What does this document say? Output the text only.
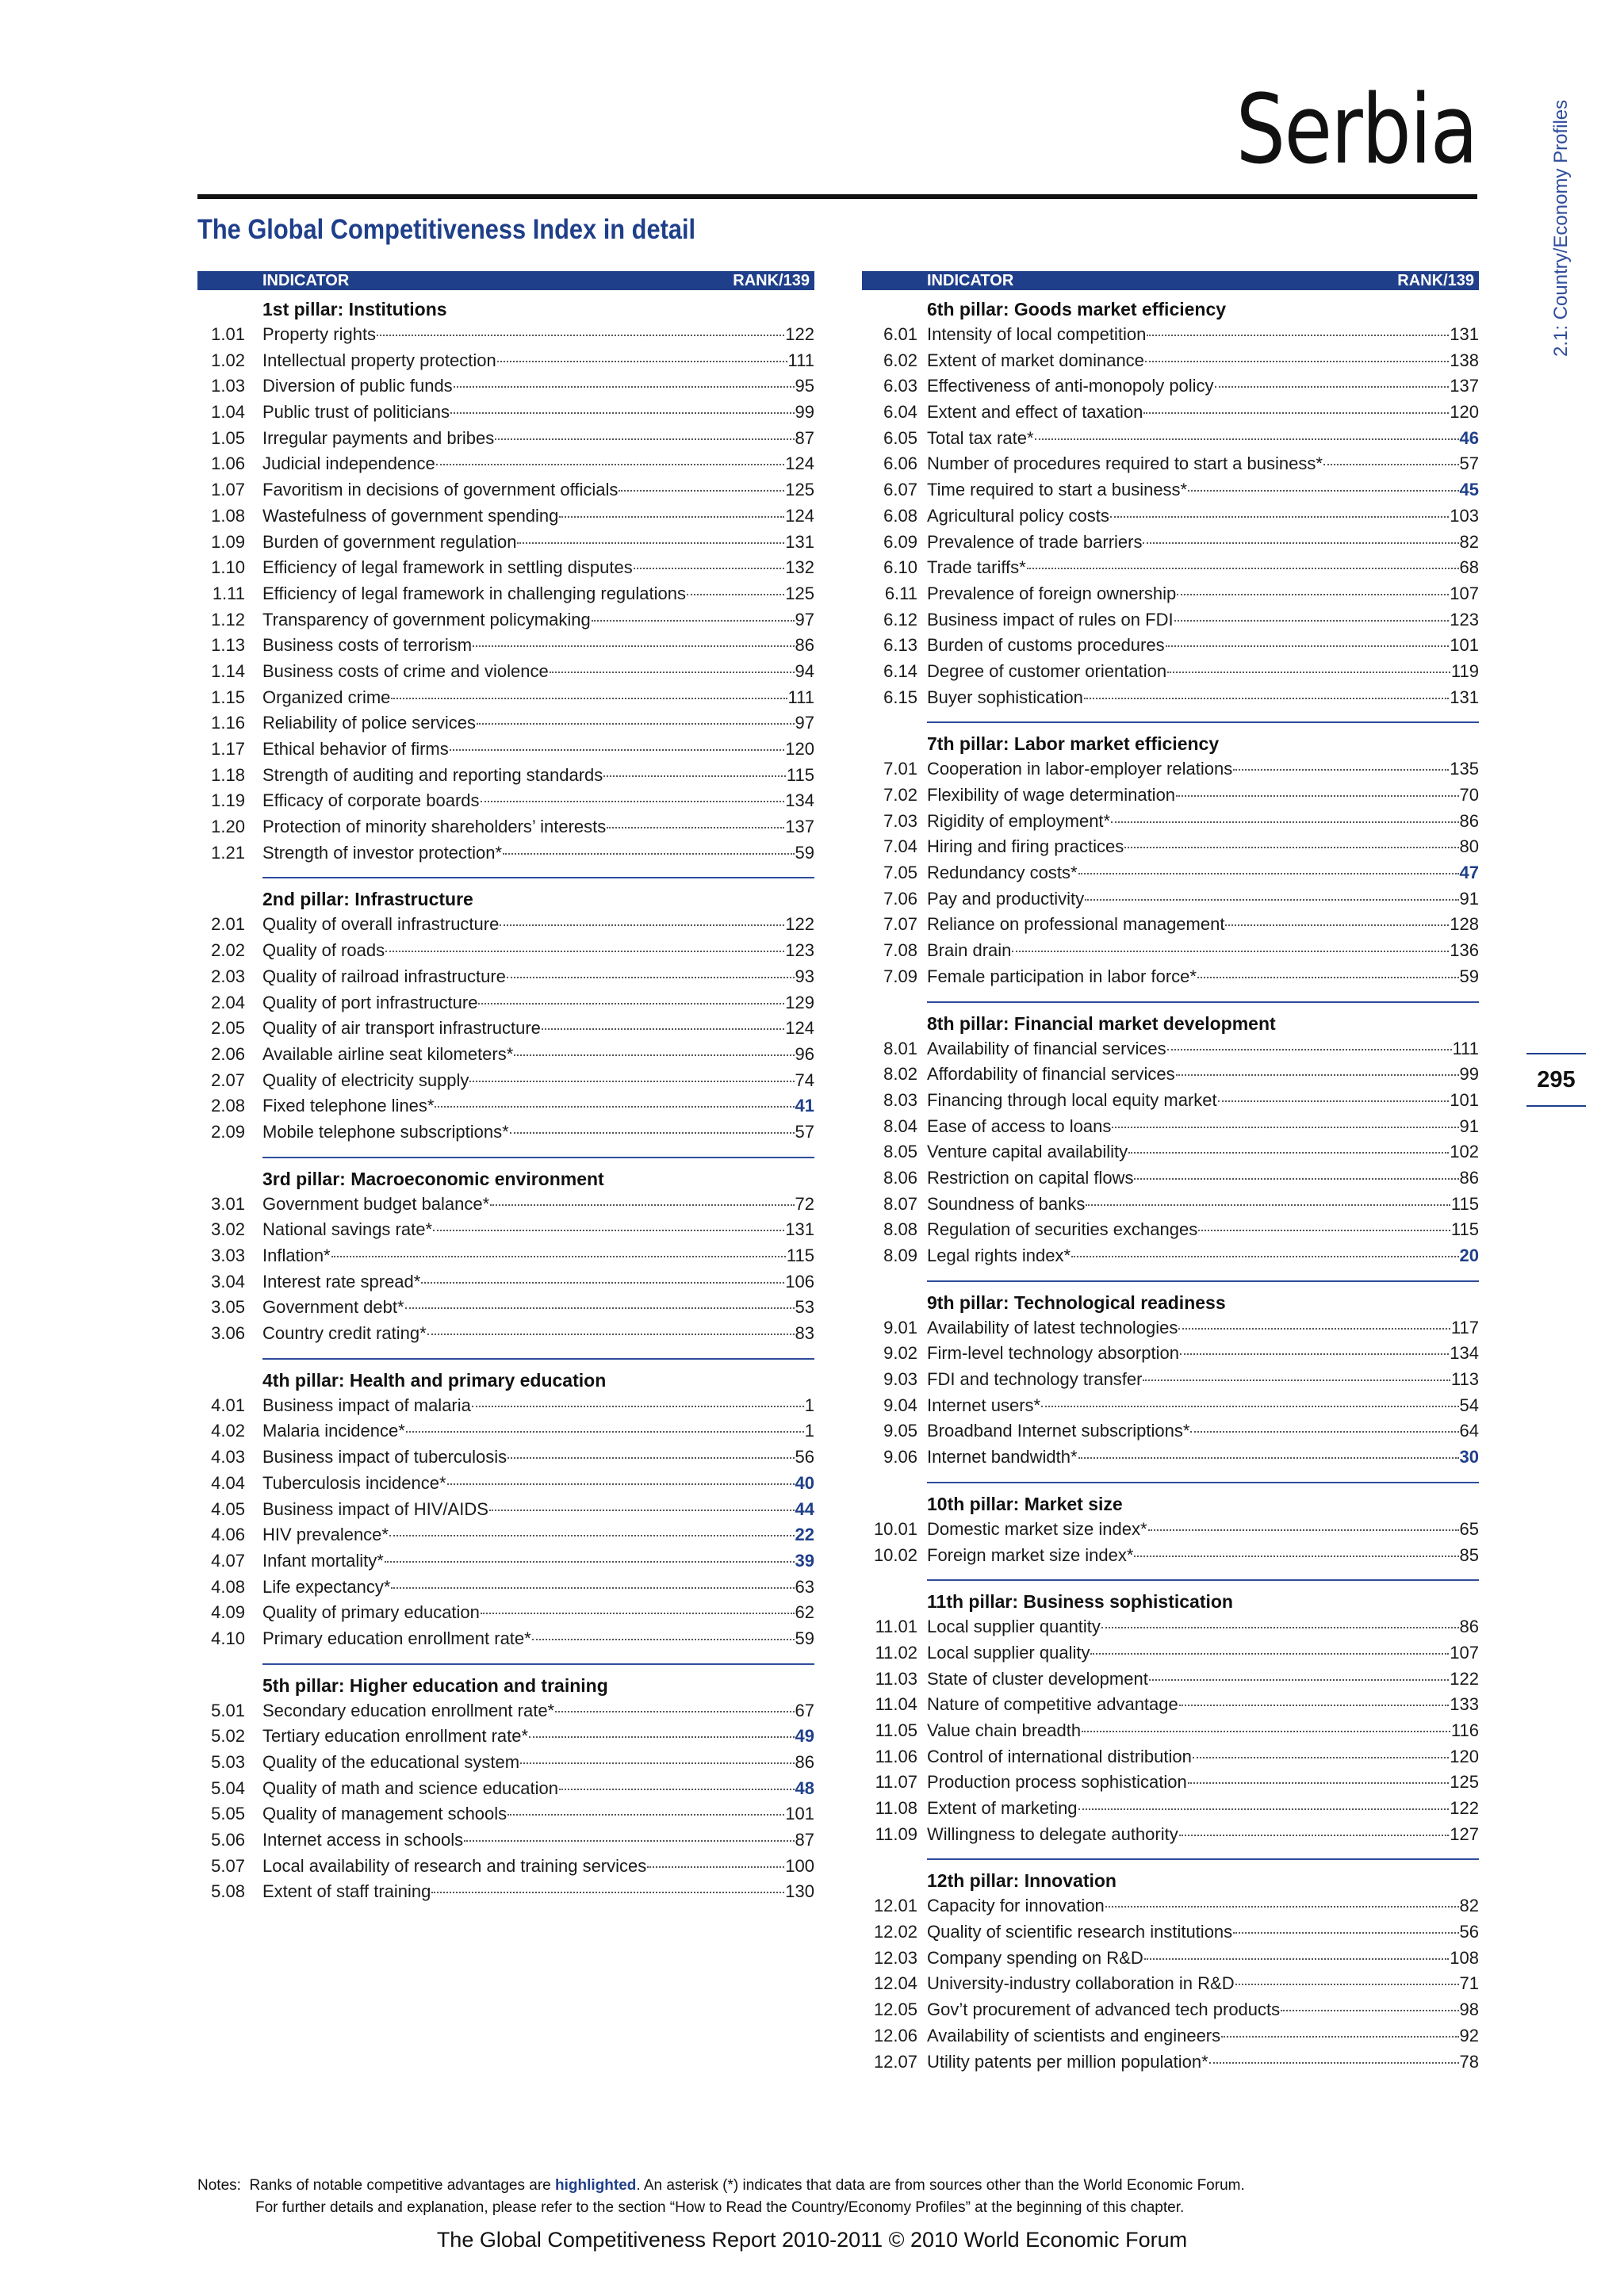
Serbia
The Global Competitiveness Index in detail	2.1: Country/Economy Profiles
295
INDICATOR	RANK/139
1st pillar: Institutions
1.01 Property rights	122
1.02 Intellectual property protection	111
1.03 Diversion of public funds	95
1.04 Public trust of politicians	99
1.05 Irregular payments and bribes	87
1.06 Judicial independence	124
1.07 Favoritism in decisions of government officials	125
1.08 Wastefulness of government spending	124
1.09 Burden of government regulation	131
1.10 Efficiency of legal framework in settling disputes	132
1.11 Efficiency of legal framework in challenging regulations	125
1.12 Transparency of government policymaking	97
1.13 Business costs of terrorism	86
1.14 Business costs of crime and violence	94
1.15 Organized crime	111
1.16 Reliability of police services	97
1.17 Ethical behavior of firms	120
1.18 Strength of auditing and reporting standards	115
1.19 Efficacy of corporate boards	134
1.20 Protection of minority shareholders’ interests	137
1.21 Strength of investor protection*	59
2nd pillar: Infrastructure
2.01 Quality of overall infrastructure	122
2.02 Quality of roads	123
2.03 Quality of railroad infrastructure	93
2.04 Quality of port infrastructure	129
2.05 Quality of air transport infrastructure	124
2.06 Available airline seat kilometers*	96
2.07 Quality of electricity supply	74
2.08 Fixed telephone lines*	41
2.09 Mobile telephone subscriptions*	57
3rd pillar: Macroeconomic environment
3.01 Government budget balance*	72
3.02 National savings rate*	131
3.03 Inflation*	115
3.04 Interest rate spread*	106
3.05 Government debt*	53
3.06 Country credit rating*	83
4th pillar: Health and primary education
4.01 Business impact of malaria	1
4.02 Malaria incidence*	1
4.03 Business impact of tuberculosis	56
4.04 Tuberculosis incidence*	40
4.05 Business impact of HIV/AIDS	44
4.06 HIV prevalence*	22
4.07 Infant mortality*	39
4.08 Life expectancy*	63
4.09 Quality of primary education	62
4.10 Primary education enrollment rate*	59
5th pillar: Higher education and training
5.01 Secondary education enrollment rate*	67
5.02 Tertiary education enrollment rate*	49
5.03 Quality of the educational system	86
5.04 Quality of math and science education	48
5.05 Quality of management schools	101
5.06 Internet access in schools	87
5.07 Local availability of research and training services	100
5.08 Extent of staff training	130
INDICATOR	RANK/139
6th pillar: Goods market efficiency
6.01 Intensity of local competition	131
6.02 Extent of market dominance	138
6.03 Effectiveness of anti-monopoly policy	137
6.04 Extent and effect of taxation	120
6.05 Total tax rate*	46
6.06 Number of procedures required to start a business*	57
6.07 Time required to start a business*	45
6.08 Agricultural policy costs	103
6.09 Prevalence of trade barriers	82
6.10 Trade tariffs*	68
6.11 Prevalence of foreign ownership	107
6.12 Business impact of rules on FDI	123
6.13 Burden of customs procedures	101
6.14 Degree of customer orientation	119
6.15 Buyer sophistication	131
7th pillar: Labor market efficiency
7.01 Cooperation in labor-employer relations	135
7.02 Flexibility of wage determination	70
7.03 Rigidity of employment*	86
7.04 Hiring and firing practices	80
7.05 Redundancy costs*	47
7.06 Pay and productivity	91
7.07 Reliance on professional management	128
7.08 Brain drain	136
7.09 Female participation in labor force*	59
8th pillar: Financial market development
8.01 Availability of financial services	111
8.02 Affordability of financial services	99
8.03 Financing through local equity market	101
8.04 Ease of access to loans	91
8.05 Venture capital availability	102
8.06 Restriction on capital flows	86
8.07 Soundness of banks	115
8.08 Regulation of securities exchanges	115
8.09 Legal rights index*	20
9th pillar: Technological readiness
9.01 Availability of latest technologies	117
9.02 Firm-level technology absorption	134
9.03 FDI and technology transfer	113
9.04 Internet users*	54
9.05 Broadband Internet subscriptions*	64
9.06 Internet bandwidth*	30
10th pillar: Market size
10.01 Domestic market size index*	65
10.02 Foreign market size index*	85
11th pillar: Business sophistication
11.01 Local supplier quantity	86
11.02 Local supplier quality	107
11.03 State of cluster development	122
11.04 Nature of competitive advantage	133
11.05 Value chain breadth	116
11.06 Control of international distribution	120
11.07 Production process sophistication	125
11.08 Extent of marketing	122
11.09 Willingness to delegate authority	127
12th pillar: Innovation
12.01 Capacity for innovation	82
12.02 Quality of scientific research institutions	56
12.03 Company spending on R&D	108
12.04 University-industry collaboration in R&D	71
12.05 Gov’t procurement of advanced tech products	98
12.06 Availability of scientists and engineers	92
12.07 Utility patents per million population*	78
Notes: Ranks of notable competitive advantages are highlighted. An asterisk (*) indicates that data are from sources other than the World Economic Forum.
For further details and explanation, please refer to the section “How to Read the Country/Economy Profiles” at the beginning of this chapter.
The Global Competitiveness Report 2010-2011 © 2010 World Economic Forum
